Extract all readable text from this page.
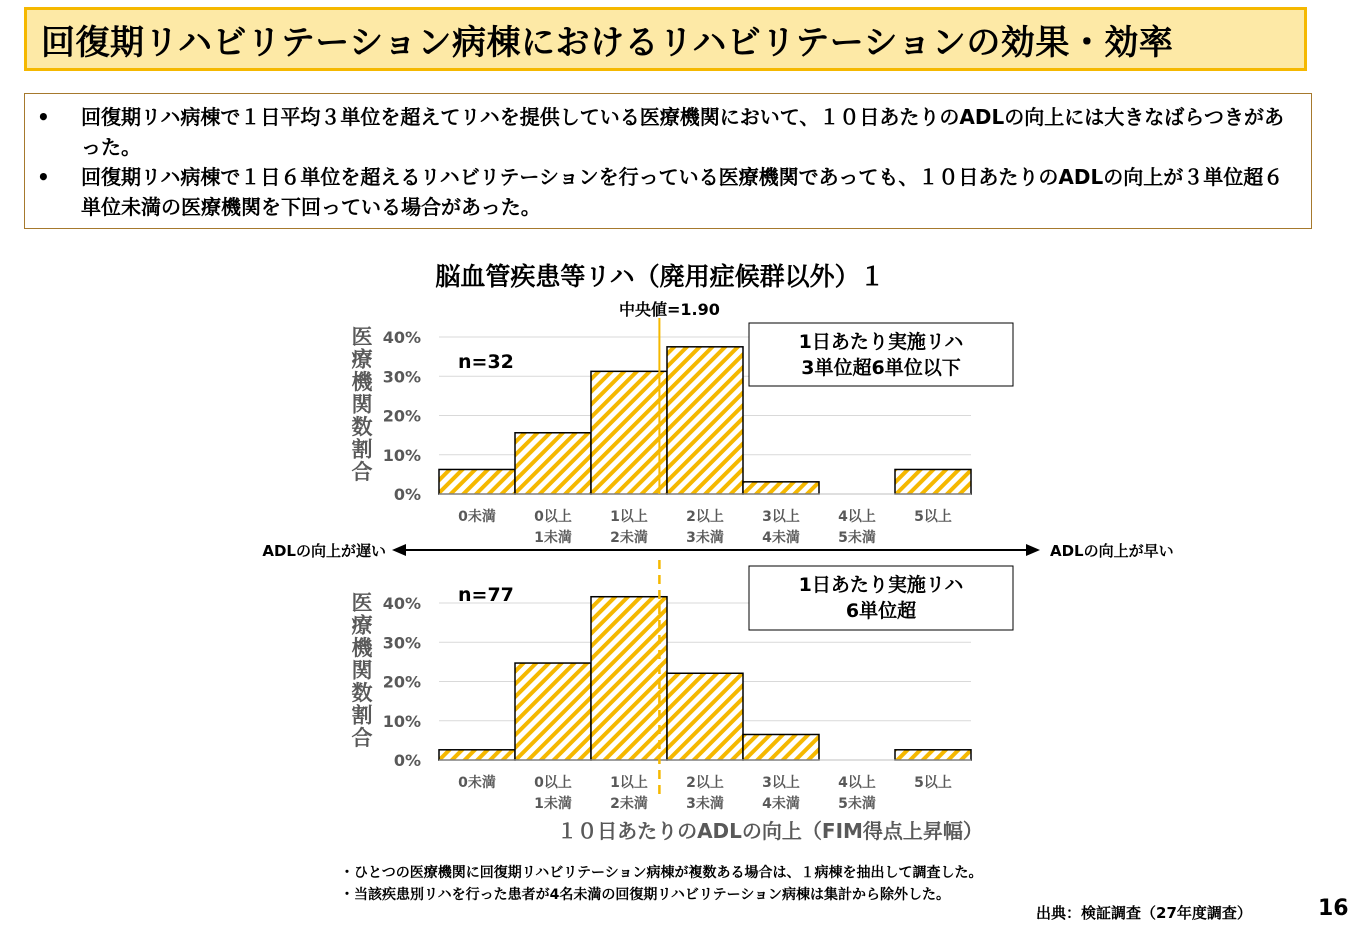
回復期リハビリテーション病棟におけるリハビリテーションの効果・効率
• 回復期リハ病棟で１日平均３単位を超えてリハを提供している医療機関において、１０日あたりのADLの向上には大きなばらつきがあった。
• 回復期リハ病棟で１日６単位を超えるリハビリテーションを行っている医療機関であっても、１０日あたりのADLの向上が３単位超６単位未満の医療機関を下回っている場合があった。
脳血管疾患等リハ（廃用症候群以外）１
0%
10%
20%
30%
40%
医療機関数割合
0未満	0以上 1未満
1以上 2未満
2以上 3未満
3以上 4未満
4以上 5未満
5以上
n=32
1日あたり実施リハ 3単位超6単位以下
0%
10%
20%
30%
40%
医療機関数割合
0未満	0以上 1未満
1以上 2未満
2以上 3未満
3以上 4未満
4以上 5未満
5以上
n=77	1日あたり実施リハ 6単位超
中央値=1.90
ADLの向上が遅い	ADLの向上が早い
１０日あたりのADLの向上（FIM得点上昇幅）
・ひとつの医療機関に回復期リハビリテーション病棟が複数ある場合は、１病棟を抽出して調査した。
・当該疾患別リハを行った患者が4名未満の回復期リハビリテーション病棟は集計から除外した。
出典：検証調査（27年度調査）	16
